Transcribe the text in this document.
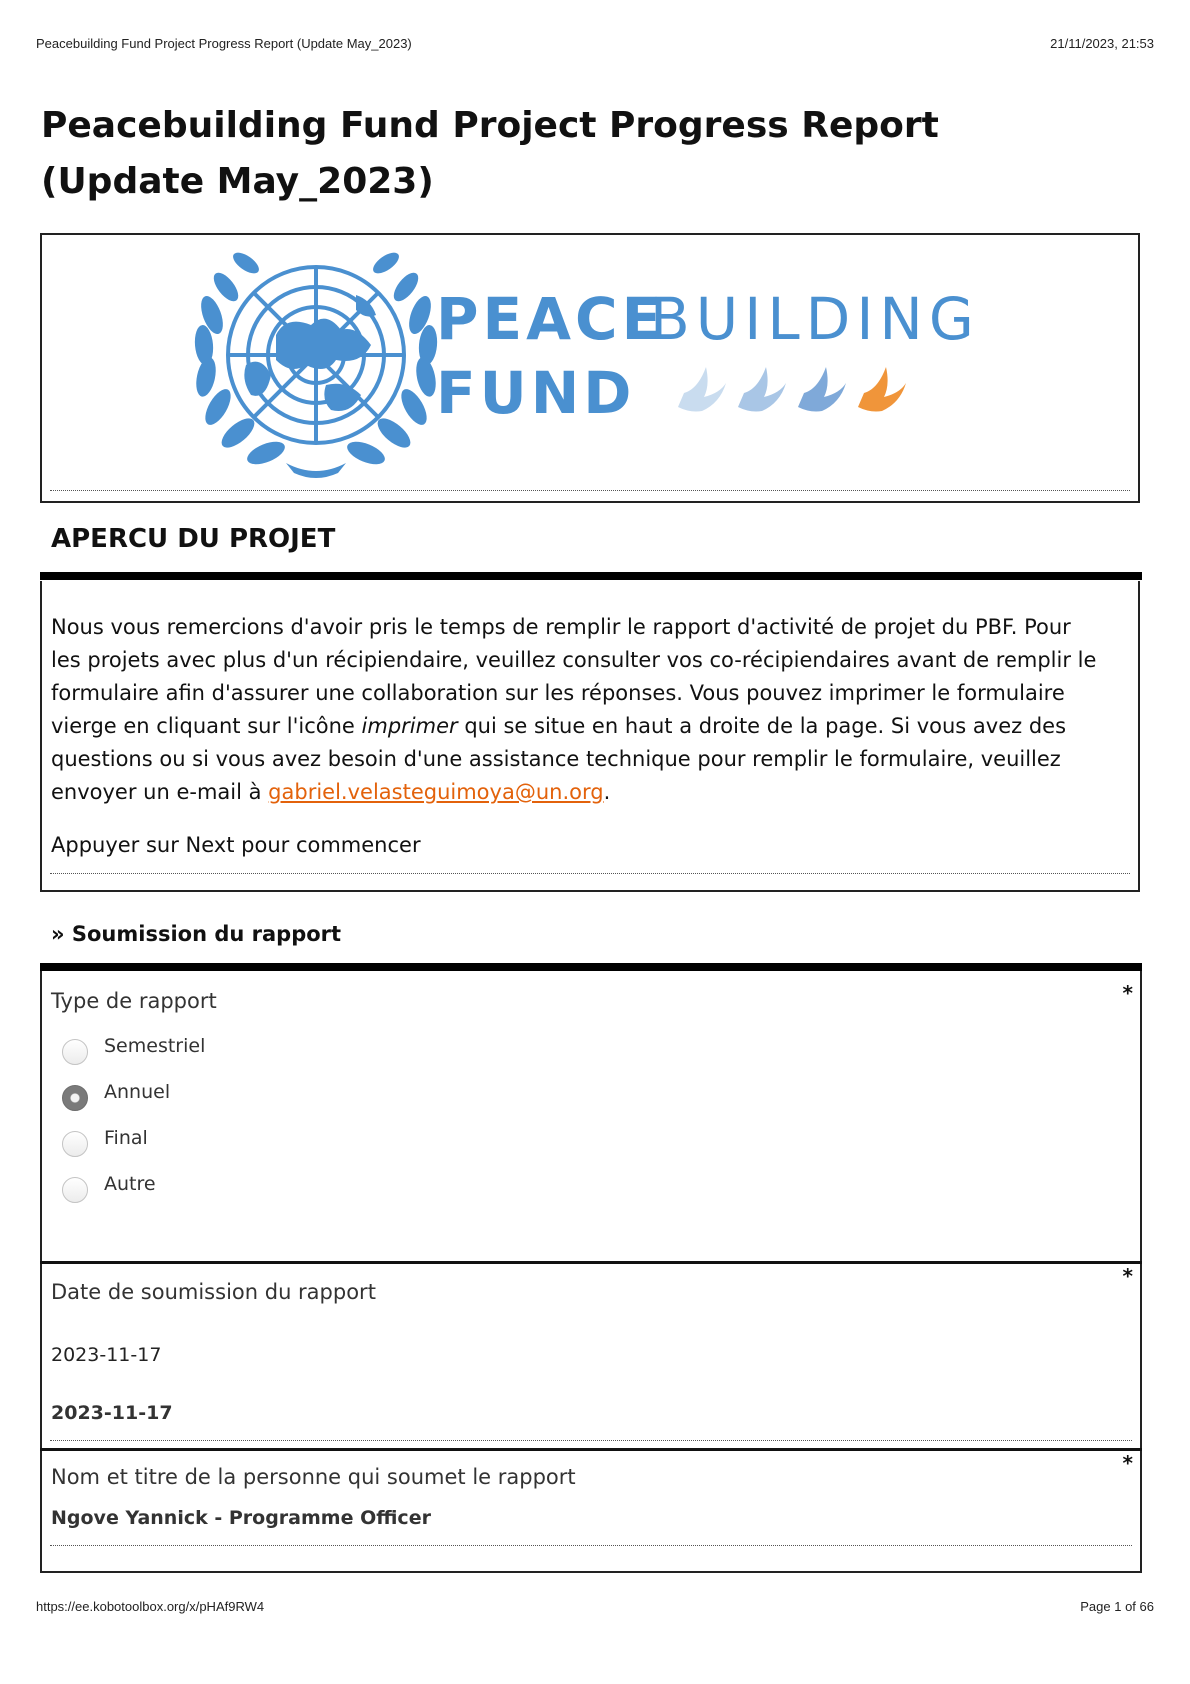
Peacebuilding Fund Project Progress Report (Update May_2023)	21/11/2023, 21:53
Peacebuilding Fund Project Progress Report (Update May_2023)
PEACE
BUILDING
FUND
APERCU DU PROJET

Nous vous remercions d'avoir pris le temps de remplir le rapport d'activité de projet du PBF. Pour les projets avec plus d'un récipiendaire, veuillez consulter vos co-récipiendaires avant de remplir le formulaire afin d'assurer une collaboration sur les réponses. Vous pouvez imprimer le formulaire vierge en cliquant sur l'icône imprimer qui se situe en haut a droite de la page. Si vous avez des questions ou si vous avez besoin d'une assistance technique pour remplir le formulaire, veuillez envoyer un e-mail à gabriel.velasteguimoya@un.org.

Appuyer sur Next pour commencer

» Soumission du rapport

Type de rapport	*
Semestriel
Annuel
Final
Autre

Date de soumission du rapport

*
2023-11-17
2023-11-17

Nom et titre de la personne qui soumet le rapport

*
Ngove Yannick - Programme Officer
https://ee.kobotoolbox.org/x/pHAf9RW4	Page 1 of 66
